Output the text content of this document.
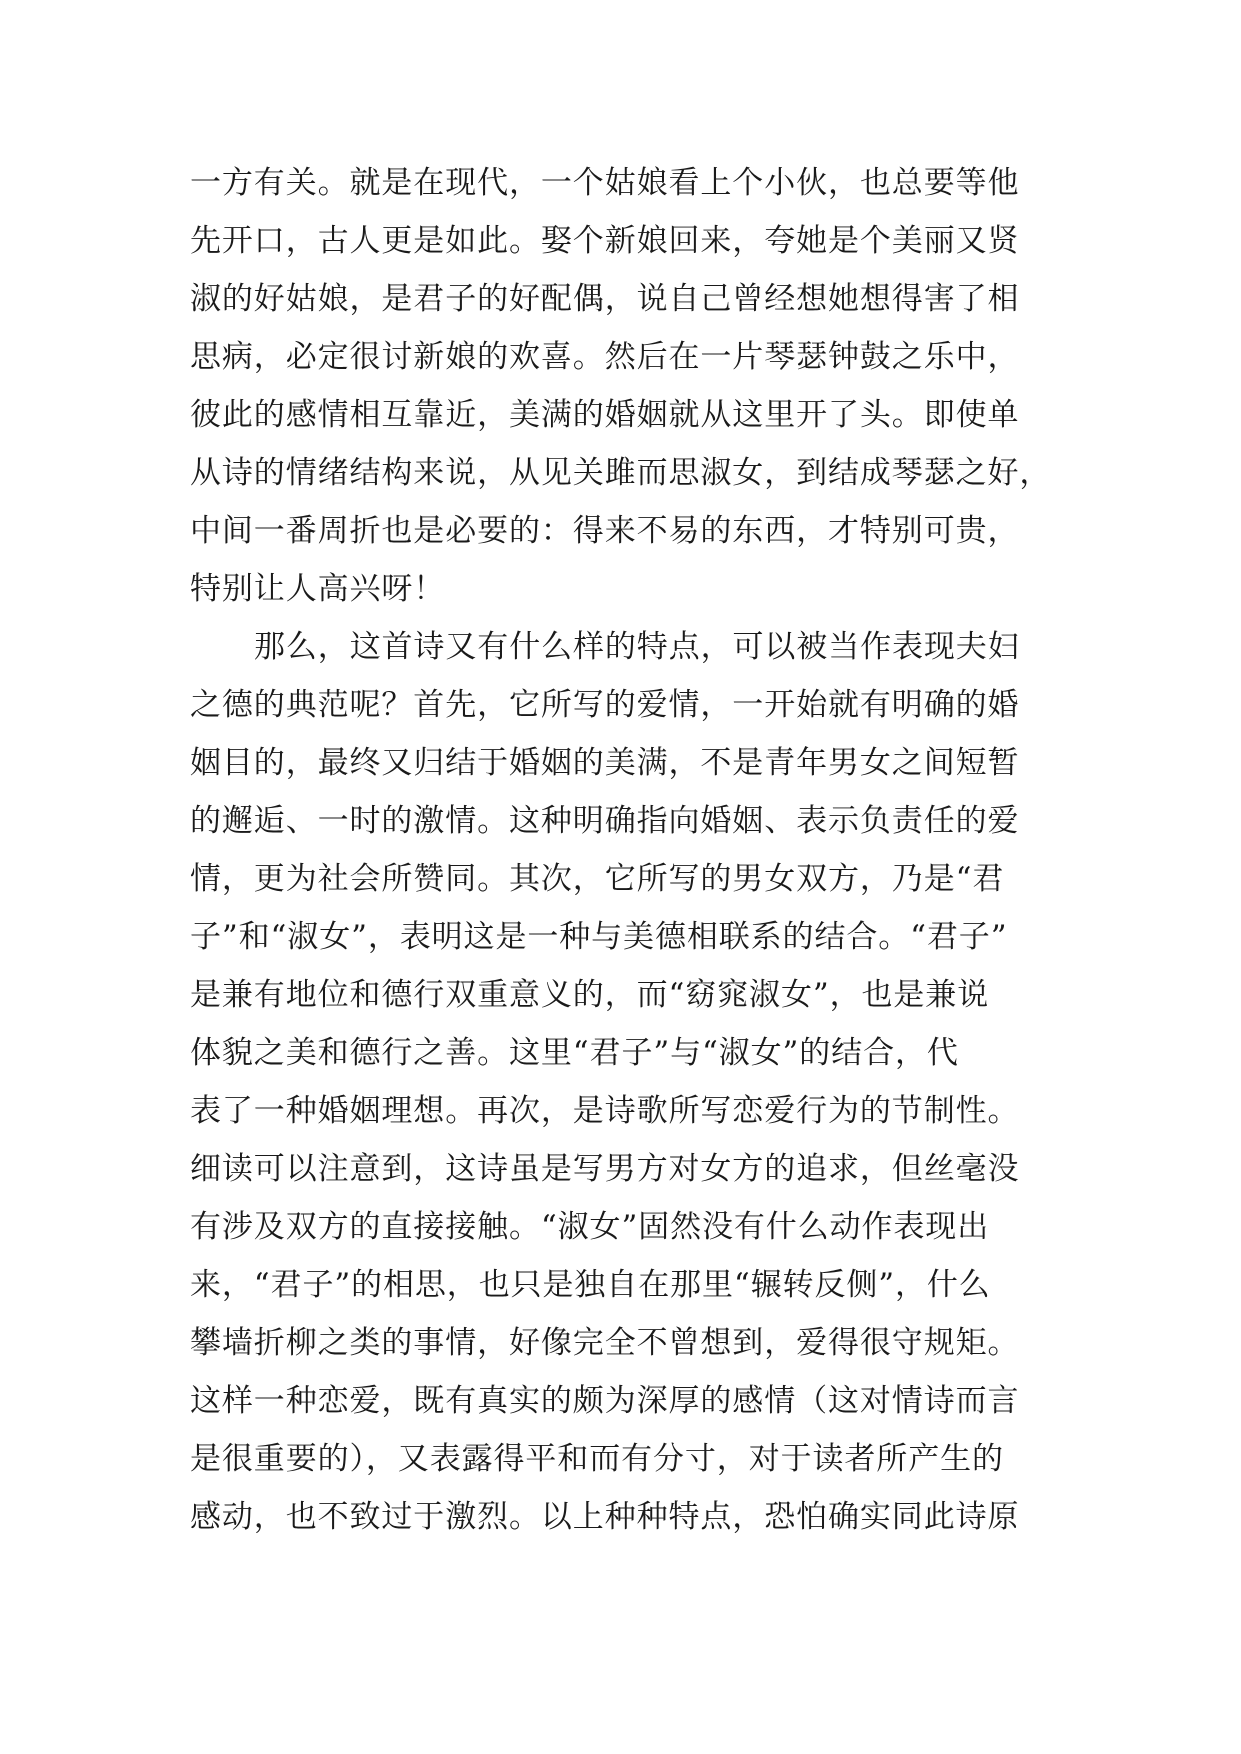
一方有关。就是在现代，一个姑娘看上个小伙，也总要等他
先开口，古人更是如此。娶个新娘回来，夸她是个美丽又贤
淑的好姑娘，是君子的好配偶，说自己曾经想她想得害了相
思病，必定很讨新娘的欢喜。然后在一片琴瑟钟鼓之乐中，
彼此的感情相互靠近，美满的婚姻就从这里开了头。即使单
从诗的情绪结构来说，从见关雎而思淑女，到结成琴瑟之好，
中间一番周折也是必要的：得来不易的东西，才特别可贵，
特别让人高兴呀！
那么，这首诗又有什么样的特点，可以被当作表现夫妇
之德的典范呢？首先，它所写的爱情，一开始就有明确的婚
姻目的，最终又归结于婚姻的美满，不是青年男女之间短暂
的邂逅、一时的激情。这种明确指向婚姻、表示负责任的爱
情，更为社会所赞同。其次，它所写的男女双方，乃是“君
子”和“淑女”，表明这是一种与美德相联系的结合。“君子”
是兼有地位和德行双重意义的，而“窈窕淑女”，也是兼说
体貌之美和德行之善。这里“君子”与“淑女”的结合，代
表了一种婚姻理想。再次，是诗歌所写恋爱行为的节制性。
细读可以注意到，这诗虽是写男方对女方的追求，但丝毫没
有涉及双方的直接接触。“淑女”固然没有什么动作表现出
来，“君子”的相思，也只是独自在那里“辗转反侧”，什么
攀墙折柳之类的事情，好像完全不曾想到，爱得很守规矩。
这样一种恋爱，既有真实的颇为深厚的感情（这对情诗而言
是很重要的），又表露得平和而有分寸，对于读者所产生的
感动，也不致过于激烈。以上种种特点，恐怕确实同此诗原
